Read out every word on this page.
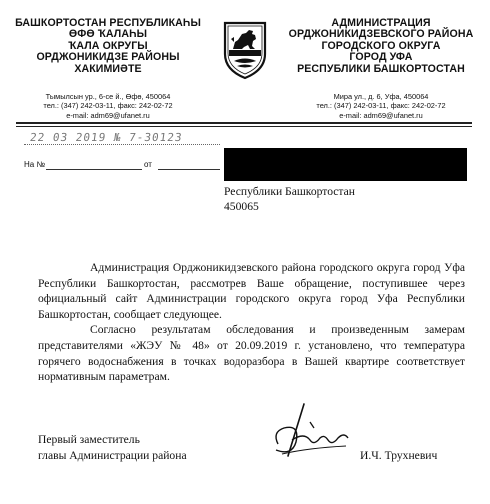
БАШКОРТОСТАН РЕСПУБЛИКАҺЫ
ӨФӨ ҠАЛАҺЫ
ҠАЛА ОКРУГЫ
ОРДЖОНИКИДЗЕ РАЙОНЫ
ХАКИМИӘТЕ
Тымылсын ур., 6-се й., Өфө, 450064
тел.: (347) 242-03-11, факс: 242-02-72
e-mail: adm69@ufanet.ru
АДМИНИСТРАЦИЯ
ОРДЖОНИКИДЗЕВСКОГО РАЙОНА
ГОРОДСКОГО ОКРУГА
ГОРОД УФА
РЕСПУБЛИКИ БАШКОРТОСТАН
Мира ул., д. 6, Уфа, 450064
тел.: (347) 242-03-11, факс: 242-02-72
e-mail: adm69@ufanet.ru
22 03 2019 № 7-30123
На №	от
Республики Башкортостан
450065

Администрация Орджоникидзевского района городского округа город Уфа Республики Башкортостан, рассмотрев Ваше обращение, поступившее через официальный сайт Администрации городского округа город Уфа Республики Башкортостан, сообщает следующее.

Согласно результатам обследования и произведенным замерам представителями «ЖЭУ № 48» от 20.09.2019 г. установлено, что температура горячего водоснабжения в точках водоразбора в Вашей квартире соответствует нормативным параметрам.

Первый заместитель
главы Администрации района	И.Ч. Трухневич
